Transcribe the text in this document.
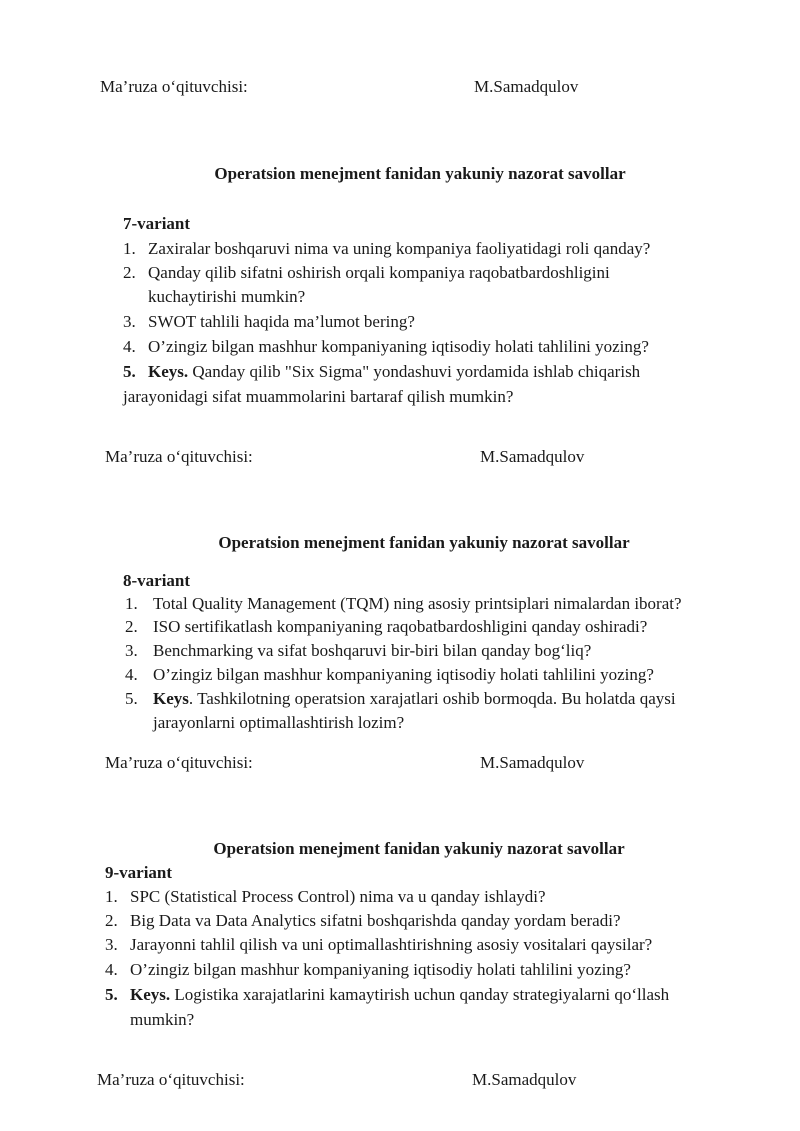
Ma’ruza o‘qituvchisi:	M.Samadqulov
Operatsion menejment fanidan yakuniy nazorat savollar
7-variant
1. Zaxiralar boshqaruvi nima va uning kompaniya faoliyatidagi roli qanday?
2. Qanday qilib sifatni oshirish orqali kompaniya raqobatbardoshligini
kuchaytirishi mumkin?
3. SWOT tahlili haqida ma’lumot bering?
4. O’zingiz bilgan mashhur kompaniyaning iqtisodiy holati tahlilini yozing?
5. Keys. Qanday qilib "Six Sigma" yondashuvi yordamida ishlab chiqarish
jarayonidagi sifat muammolarini bartaraf qilish mumkin?
Ma’ruza o‘qituvchisi:	M.Samadqulov
Operatsion menejment fanidan yakuniy nazorat savollar
8-variant
1. Total Quality Management (TQM) ning asosiy printsiplari nimalardan iborat?
2. ISO sertifikatlash kompaniyaning raqobatbardoshligini qanday oshiradi?
3. Benchmarking va sifat boshqaruvi bir-biri bilan qanday bog‘liq?
4. O’zingiz bilgan mashhur kompaniyaning iqtisodiy holati tahlilini yozing?
5. Keys. Tashkilotning operatsion xarajatlari oshib bormoqda. Bu holatda qaysi
jarayonlarni optimallashtirish lozim?
Ma’ruza o‘qituvchisi:	M.Samadqulov
Operatsion menejment fanidan yakuniy nazorat savollar
9-variant
1. SPC (Statistical Process Control) nima va u qanday ishlaydi?
2. Big Data va Data Analytics sifatni boshqarishda qanday yordam beradi?
3. Jarayonni tahlil qilish va uni optimallashtirishning asosiy vositalari qaysilar?
4. O’zingiz bilgan mashhur kompaniyaning iqtisodiy holati tahlilini yozing?
5. Keys. Logistika xarajatlarini kamaytirish uchun qanday strategiyalarni qo‘llash
mumkin?
Ma’ruza o‘qituvchisi:	M.Samadqulov
